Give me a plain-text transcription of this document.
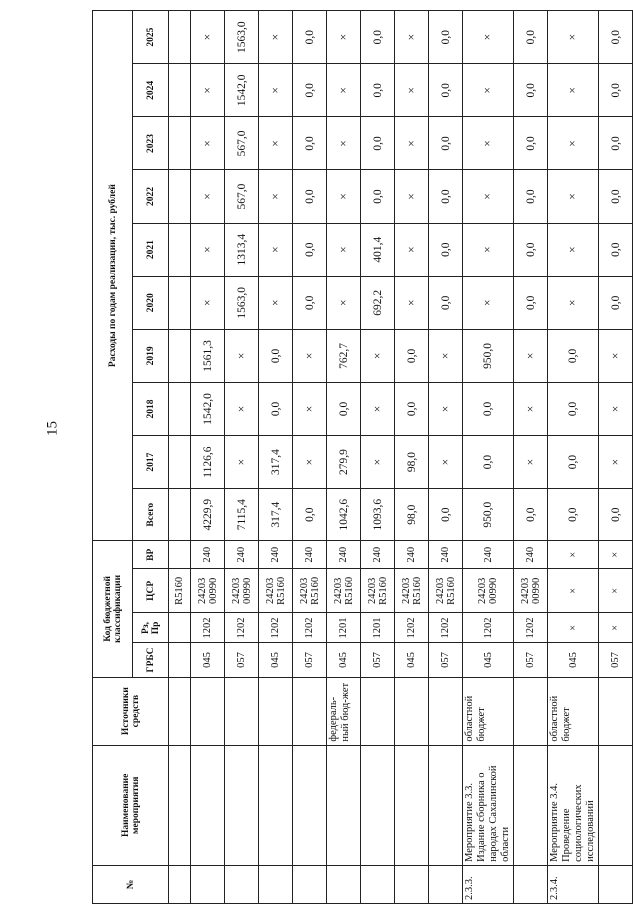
15
№	Наименование мероприятия	Источники средств	Код бюджетной классификации				Расходы по годам реализации, тыс. рублей									
			ГРБС	Рз, Пр	ЦСР	ВР	Всего	2017	2018	2019	2020	2021	2022	2023	2024	2025
					R5160											
			045	1202	24203 00990	240	4229,9	1126,6	1542,0	1561,3	×	×	×	×	×	×
			057	1202	24203 00990	240	7115,4	×	×	×	1563,0	1313,4	567,0	567,0	1542,0	1563,0
			045	1202	24203 R5160	240	317,4	317,4	0,0	0,0	×	×	×	×	×	×
			057	1202	24203 R5160	240	0,0	×	×	×	0,0	0,0	0,0	0,0	0,0	0,0
		федераль-ный бюд-жет	045	1201	24203 R5160	240	1042,6	279,9	0,0	762,7	×	×	×	×	×	×
			057	1201	24203 R5160	240	1093,6	×	×	×	692,2	401,4	0,0	0,0	0,0	0,0
			045	1202	24203 R5160	240	98,0	98,0	0,0	0,0	×	×	×	×	×	×
			057	1202	24203 R5160	240	0,0	×	×	×	0,0	0,0	0,0	0,0	0,0	0,0
2.3.3.	Мероприятие 3.3. Издание сборника о народах Сахалинской области	областной бюджет	045	1202	24203 00990	240	950,0	0,0	0,0	950,0	×	×	×	×	×	×
			057	1202	24203 00990	240	0,0	×	×	×	0,0	0,0	0,0	0,0	0,0	0,0
2.3.4.	Мероприятие 3.4. Проведение социологических исследований	областной бюджет	045	×	×	×	0,0	0,0	0,0	0,0	×	×	×	×	×	×
			057	×	×	×	0,0	×	×	×	0,0	0,0	0,0	0,0	0,0	0,0
